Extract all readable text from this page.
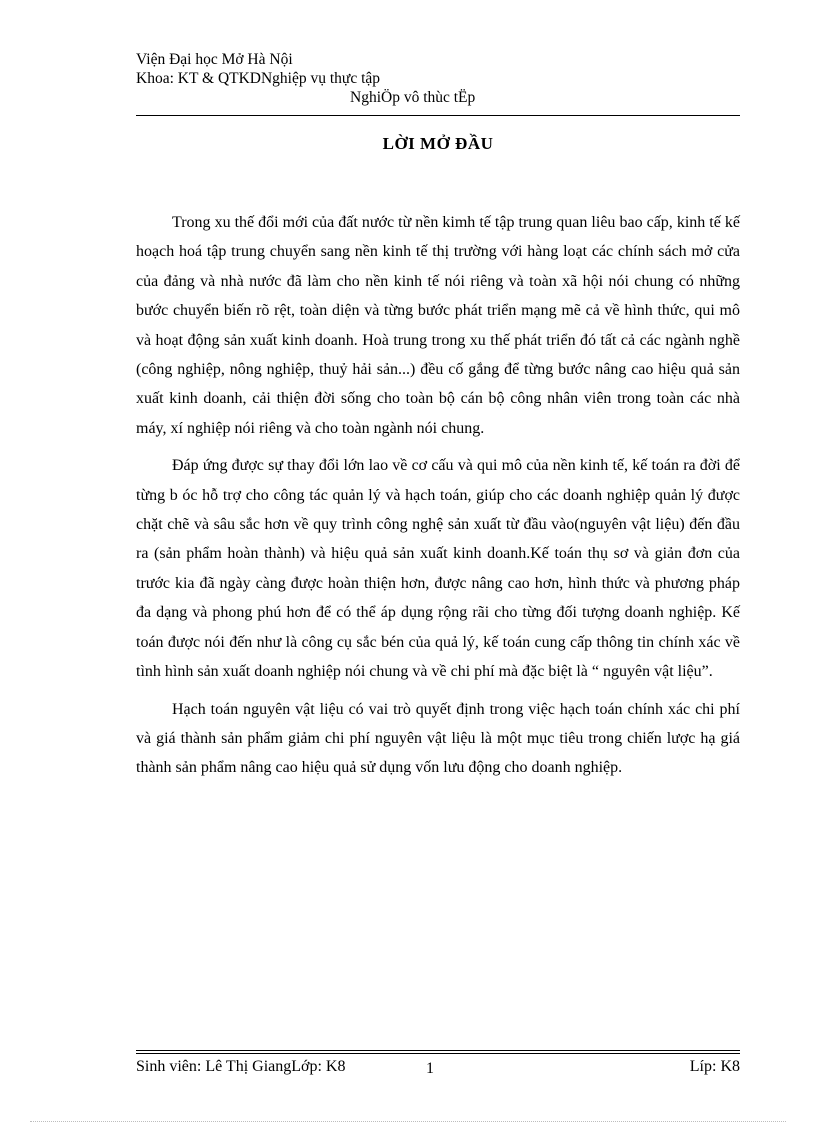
Viện Đại học Mở Hà Nội
Khoa: KT & QTKDNghiệp vụ thực tập
NghiÖp vô thùc tËp
LỜI MỞ ĐẦU

Trong xu thế đổi mới của đất nước từ nền kimh tế tập trung quan liêu bao cấp, kinh tế kế hoạch hoá tập trung chuyển sang nền kinh tế thị trường với hàng loạt các chính sách mở cửa của đảng và nhà nước đã làm cho nền kinh tế nói riêng và toàn xã hội nói chung có những bước chuyển biến rõ rệt, toàn diện và từng bước phát triển mạng mẽ cả về hình thức, qui mô và hoạt động sản xuất kinh doanh. Hoà trung trong xu thế phát triển đó tất cả các ngành nghề (công nghiệp, nông nghiệp, thuỷ hải sản...) đều cố gắng để từng bước nâng cao hiệu quả sản xuất kinh doanh, cải thiện đời sống cho toàn bộ cán bộ công nhân viên trong toàn các nhà máy, xí nghiệp nói riêng và cho toàn ngành nói chung.

Đáp ứng được sự thay đổi lớn lao về cơ cấu và qui mô của nền kinh tế, kế toán ra đời để từng b óc hỗ trợ cho công tác quản lý và hạch toán, giúp cho các doanh nghiệp quản lý được chặt chẽ và sâu sắc hơn về quy trình công nghệ sản xuất từ đầu vào(nguyên vật liệu) đến đầu ra (sản phẩm hoàn thành) và hiệu quả sản xuất kinh doanh.Kế toán thụ sơ và giản đơn của trước kia đã ngày càng được hoàn thiện hơn, được nâng cao hơn, hình thức và phương pháp đa dạng và phong phú hơn để có thể áp dụng rộng rãi cho từng đối tượng doanh nghiệp. Kế toán được nói đến như là công cụ sắc bén của quả lý, kế toán cung cấp thông tin chính xác về tình hình sản xuất doanh nghiệp nói chung và về chi phí mà đặc biệt là “ nguyên vật liệu”.

Hạch toán nguyên vật liệu có vai trò quyết định trong việc hạch toán chính xác chi phí và giá thành sản phẩm giảm chi phí nguyên vật liệu là một mục tiêu trong chiến lược hạ giá thành sản phẩm nâng cao hiệu quả sử dụng vốn lưu động cho doanh nghiệp.

Sinh viên: Lê Thị GiangLớp: K8	1	Líp: K8
